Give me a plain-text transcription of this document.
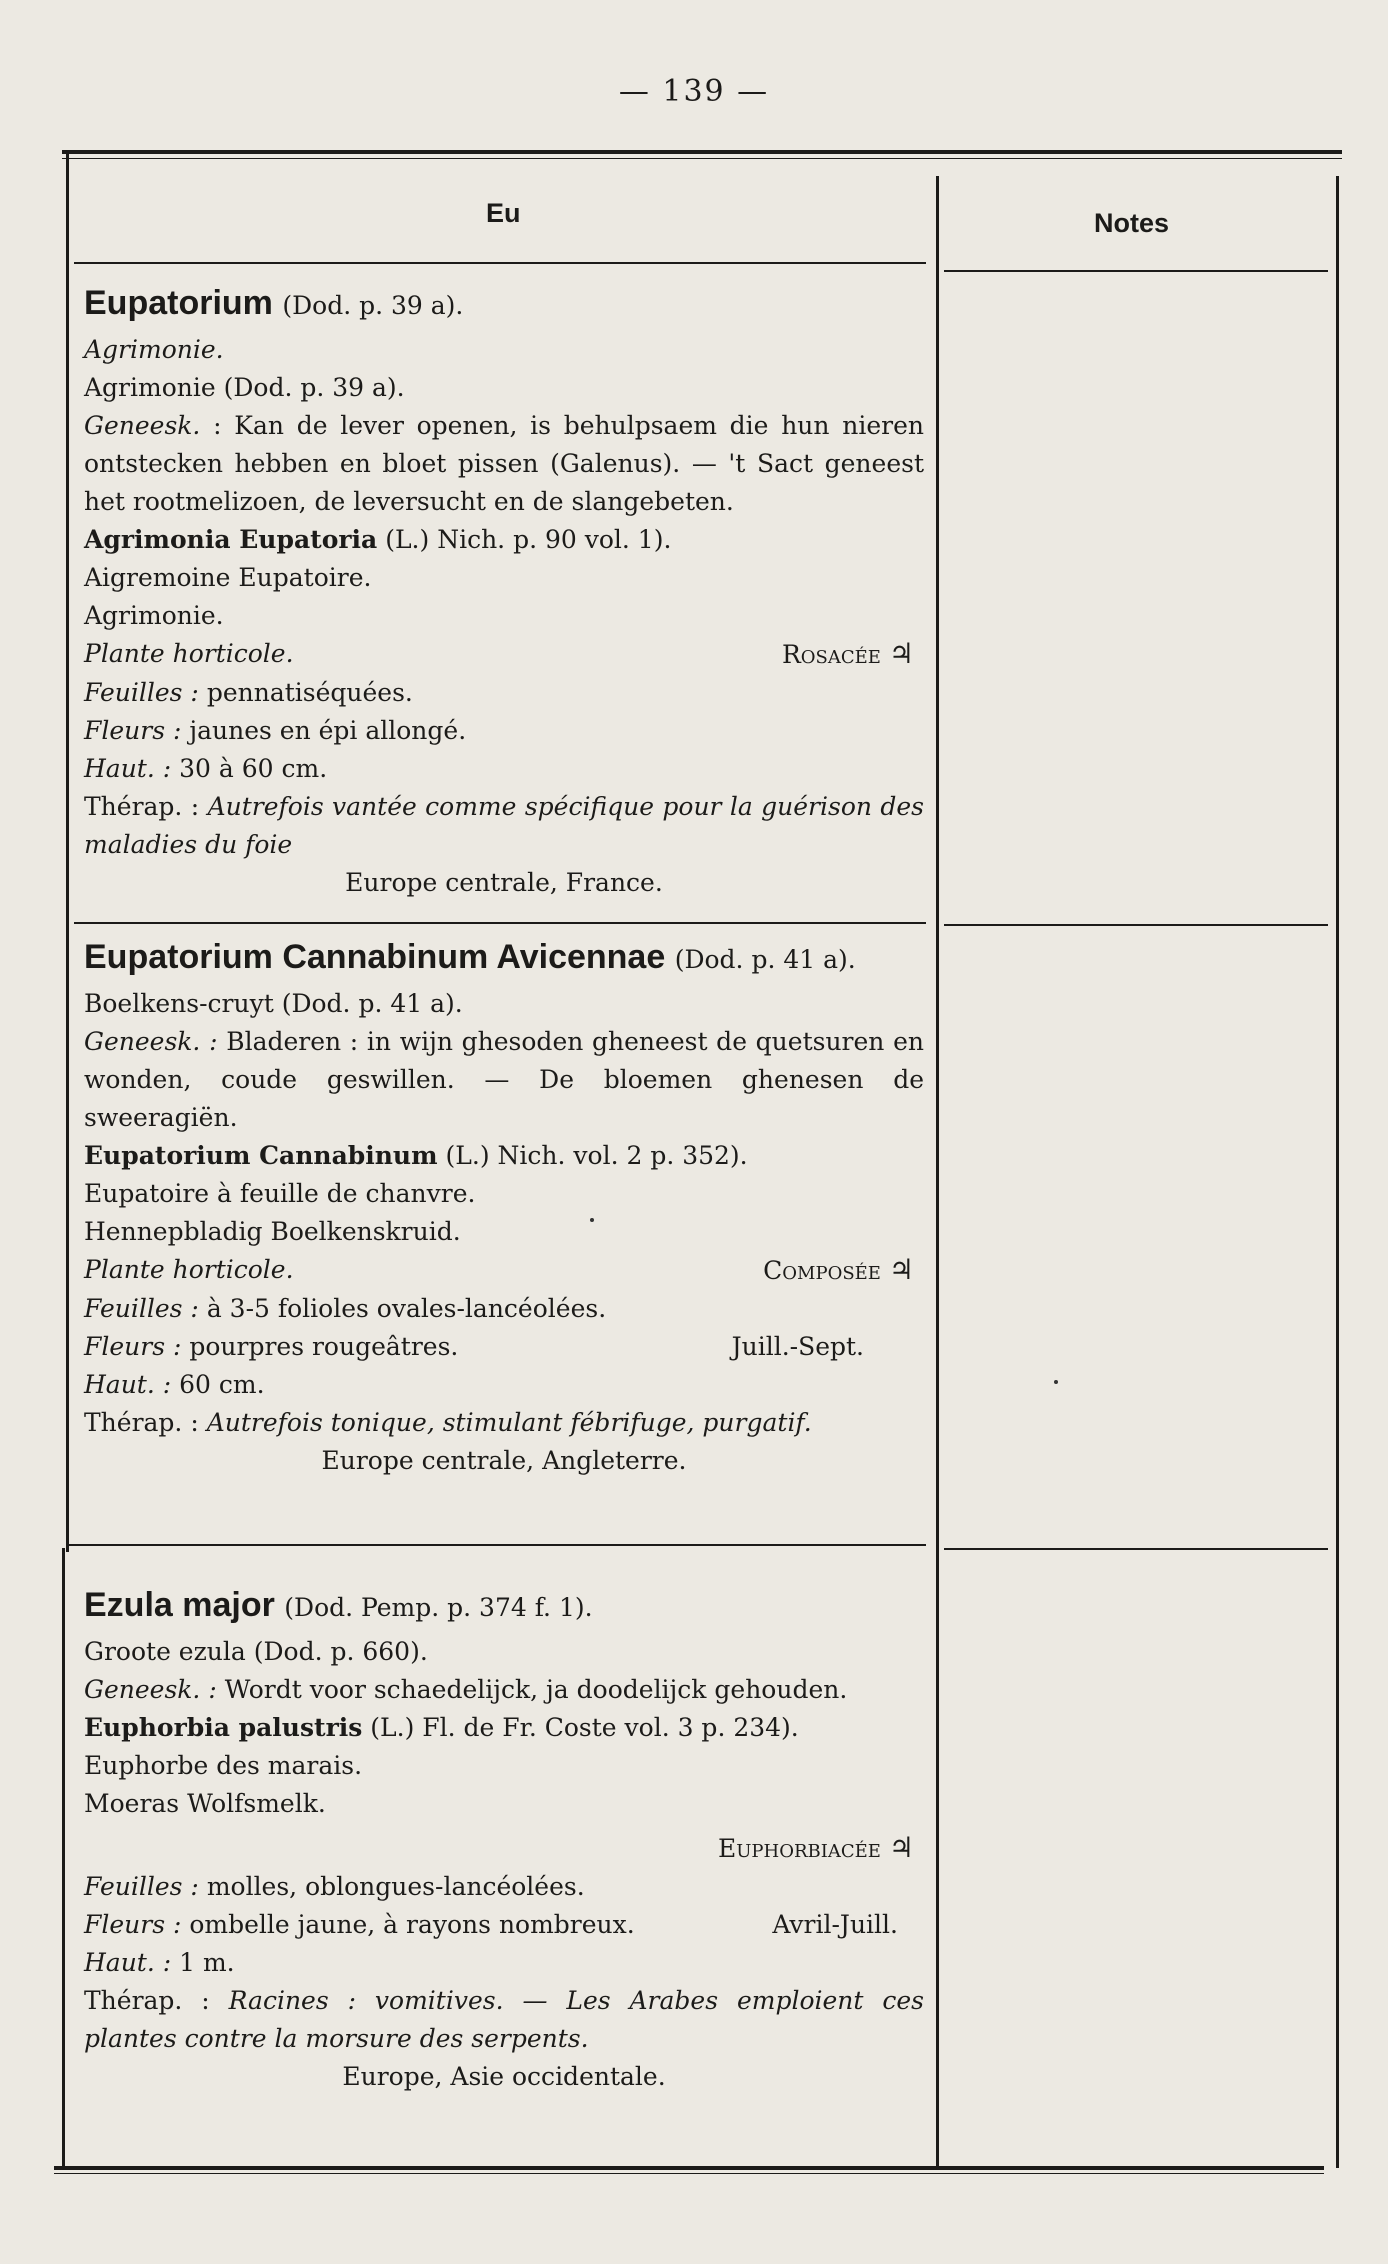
— 139 —
Eu	Notes

Eupatorium (Dod. p. 39 a).

Agrimonie.

Agrimonie (Dod. p. 39 a).

Geneesk. : Kan de lever openen, is behulpsaem die hun nieren ontstecken hebben en bloet pissen (Galenus). — 't Sact geneest het rootmelizoen, de leversucht en de slangebeten.

Agrimonia Eupatoria (L.) Nich. p. 90 vol. 1).

Aigremoine Eupatoire.

Agrimonie.

Plante horticole.	Rosacée ♃

Feuilles : pennatiséquées.

Fleurs : jaunes en épi allongé.

Haut. : 30 à 60 cm.

Thérap. : Autrefois vantée comme spécifique pour la guérison des maladies du foie

Europe centrale, France.

Eupatorium Cannabinum Avicennae (Dod. p. 41 a).

Boelkens-cruyt (Dod. p. 41 a).

Geneesk. : Bladeren : in wijn ghesoden gheneest de quetsuren en wonden, coude geswillen. — De bloemen ghenesen de sweeragiën.

Eupatorium Cannabinum (L.) Nich. vol. 2 p. 352).

Eupatoire à feuille de chanvre.

Hennepbladig Boelkenskruid.

Plante horticole.	Composée ♃

Feuilles : à 3-5 folioles ovales-lancéolées.

Fleurs : pourpres rougeâtres.	Juill.-Sept.

Haut. : 60 cm.

Thérap. : Autrefois tonique, stimulant fébrifuge, purgatif.

Europe centrale, Angleterre.

Ezula major (Dod. Pemp. p. 374 f. 1).

Groote ezula (Dod. p. 660).

Geneesk. : Wordt voor schaedelijck, ja doodelijck gehouden.

Euphorbia palustris (L.) Fl. de Fr. Coste vol. 3 p. 234).

Euphorbe des marais.

Moeras Wolfsmelk.

Euphorbiacée ♃

Feuilles : molles, oblongues-lancéolées.

Fleurs : ombelle jaune, à rayons nombreux.	Avril-Juill.

Haut. : 1 m.

Thérap. : Racines : vomitives. — Les Arabes emploient ces plantes contre la morsure des serpents.

Europe, Asie occidentale.
